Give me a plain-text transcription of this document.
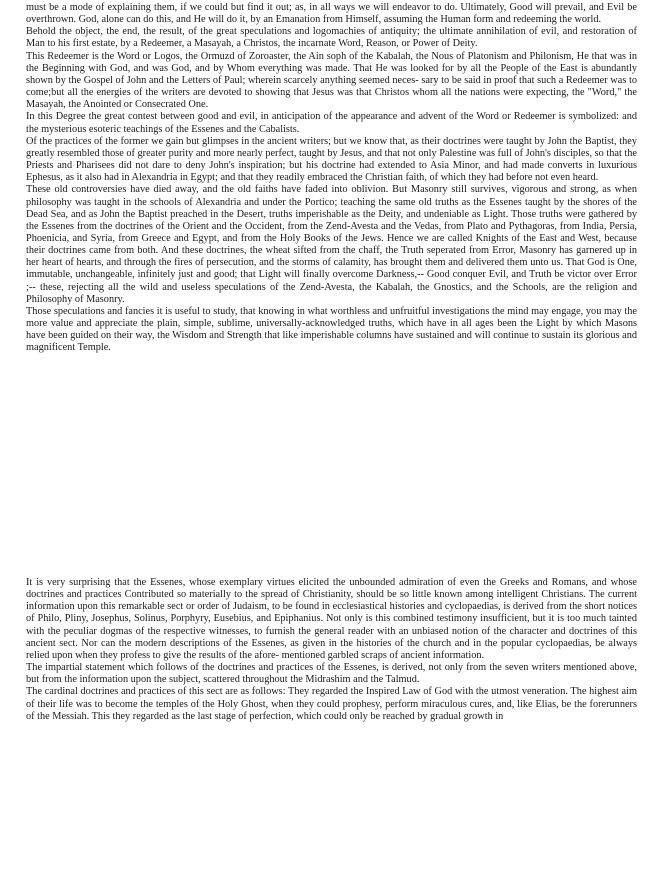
must be a mode of explaining them, if we could but find it out; as, in all ways we will endeavor to do. Ultimately, Good will prevail, and Evil be overthrown. God, alone can do this, and He will do it, by an Emanation from Himself, assuming the Human form and redeeming the world.

Behold the object, the end, the result, of the great speculations and logomachies of antiquity; the ultimate annihilation of evil, and restoration of Man to his first estate, by a Redeemer, a Masayah, a Christos, the incarnate Word, Reason, or Power of Deity.

This Redeemer is the Word or Logos, the Ormuzd of Zoroaster, the Ain soph of the Kabalah, the Nous of Platonism and Philonism, He that was in the Beginning with God, and was God, and by Whom everything was made. That He was looked for by all the People of the East is abundantly shown by the Gospel of John and the Letters of Paul; wherein scarcely anything seemed neces- sary to be said in proof that such a Redeemer was to come;but all the energies of the writers are devoted to showing that Jesus was that Christos whom all the nations were expecting, the "Word," the Masayah, the Anointed or Consecrated One.

In this Degree the great contest between good and evil, in anticipation of the appearance and advent of the Word or Redeemer is symbolized: and the mysterious esoteric teachings of the Essenes and the Cabalists.

Of the practices of the former we gain but glimpses in the ancient writers; but we know that, as their doctrines were taught by John the Baptist, they greatly resembled those of greater purity and more nearly perfect, taught by Jesus, and that not only Palestine was full of John's disciples, so that the Priests and Pharisees did not dare to deny John's inspiration; but his doctrine had extended to Asia Minor, and had made converts in luxurious Ephesus, as it also had in Alexandria in Egypt; and that they readily embraced the Christian faith, of which they had before not even heard.

These old controversies have died away, and the old faiths have faded into oblivion. But Masonry still survives, vigorous and strong, as when philosophy was taught in the schools of Alexandria and under the Portico; teaching the same old truths as the Essenes taught by the shores of the Dead Sea, and as John the Baptist preached in the Desert, truths imperishable as the Deity, and undeniable as Light. Those truths were gathered by the Essenes from the doctrines of the Orient and the Occident, from the Zend-Avesta and the Vedas, from Plato and Pythagoras, from India, Persia, Phoenicia, and Syria, from Greece and Egypt, and from the Holy Books of the Jews. Hence we are called Knights of the East and West, because their doctrines came from both. And these doctrines, the wheat sifted from the chaff, the Truth seperated from Error, Masonry has garnered up in her heart of hearts, and through the fires of persecution, and the storms of calamity, has brought them and delivered them unto us. That God is One, immutable, unchangeable, infinitely just and good; that Light will finally overcome Darkness,-- Good conquer Evil, and Truth be victor over Error ;-- these, rejecting all the wild and useless speculations of the Zend-Avesta, the Kabalah, the Gnostics, and the Schools, are the religion and Philosophy of Masonry.

Those speculations and fancies it is useful to study, that knowing in what worthless and unfruitful investigations the mind may engage, you may the more value and appreciate the plain, simple, sublime, universally-acknowledged truths, which have in all ages been the Light by which Masons have been guided on their way, the Wisdom and Strength that like imperishable columns have sustained and will continue to sustain its glorious and magnificent Temple.

It is very surprising that the Essenes, whose exemplary virtues elicited the unbounded admiration of even the Greeks and Romans, and whose doctrines and practices Contributed so materially to the spread of Christianity, should be so little known among intelligent Christians. The current information upon this remarkable sect or order of Judaism, to be found in ecclesiastical histories and cyclopaedias, is derived from the short notices of Philo, Pliny, Josephus, Solinus, Porphyry, Eusebius, and Epiphanius. Not only is this combined testimony insufficient, but it is too much tainted with the peculiar dogmas of the respective witnesses, to furnish the general reader with an unbiased notion of the character and doctrines of this ancient sect. Nor can the modern descriptions of the Essenes, as given in the histories of the church and in the popular cyclopaedias, be always relied upon when they profess to give the results of the afore- mentioned garbled scraps of ancient information.

The impartial statement which follows of the doctrines and practices of the Essenes, is derived, not only from the seven writers mentioned above, but from the information upon the subject, scattered throughout the Midrashim and the Talmud.

The cardinal doctrines and practices of this sect are as follows: They regarded the Inspired Law of God with the utmost veneration. The highest aim of their life was to become the temples of the Holy Ghost, when they could prophesy, perform miraculous cures, and, like Elias, be the forerunners of the Messiah. This they regarded as the last stage of perfection, which could only be reached by gradual growth in
